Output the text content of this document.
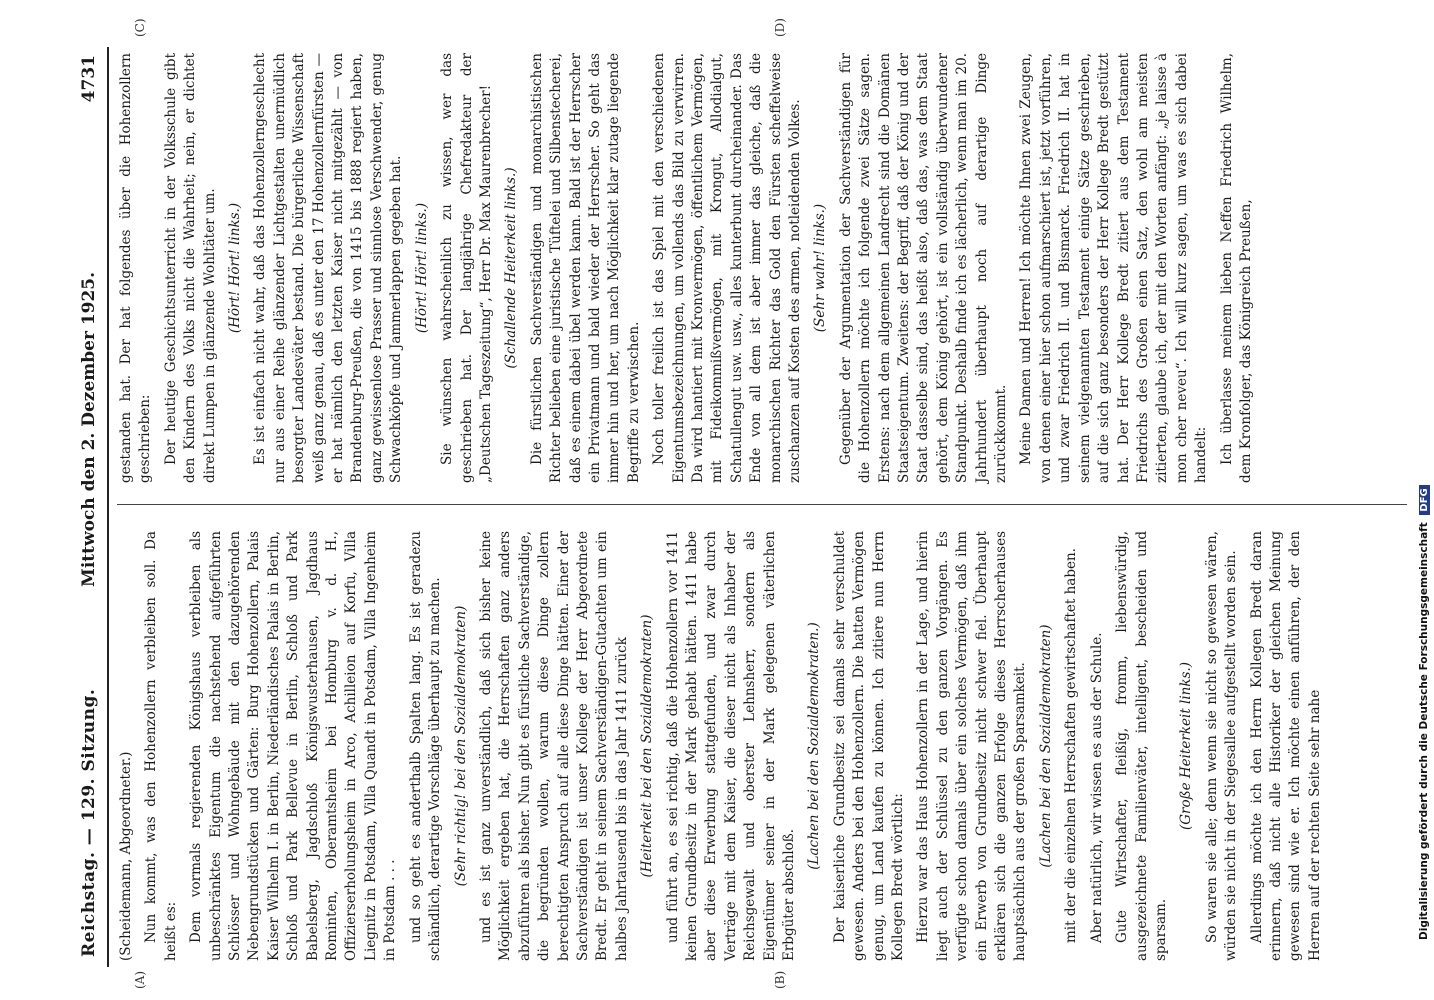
Reichstag. — 129. Sitzung.
Mittwoch den 2. Dezember 1925.
4731
(A)	(B)
(C)	(D)

(Scheidemann, Abgeordneter.) Nun kommt, was den Hohenzollern verbleiben soll. Da heißt es: Dem vormals regierenden Königshaus verbleiben als unbeschränktes Eigentum die nachstehend aufgeführten Schlösser und Wohngebäude mit den dazugehörenden Nebengrundstücken und Gärten: Burg Hohenzollern, Palais Kaiser Wilhelm I. in Berlin, Niederländisches Palais in Berlin, Schloß und Park Bellevue in Berlin, Schloß und Park Babelsberg, Jagdschloß Königswusterhausen, Jagdhaus Rominten, Oberamtsheim bei Homburg v. d. H., Offizierserholungsheim in Arco, Achilleion auf Korfu, Villa Liegnitz in Potsdam, Villa Quandt in Potsdam, Villa Ingenheim in Potsdam . . . und so geht es anderthalb Spalten lang. Es ist geradezu schändlich, derartige Vorschläge überhaupt zu machen. (Sehr richtig! bei den Sozialdemokraten) und es ist ganz unverständlich, daß sich bisher keine Möglichkeit ergeben hat, die Herrschaften ganz anders abzuführen als bisher. Nun gibt es fürstliche Sachverständige, die begründen wollen, warum diese Dinge zollern berechtigten Anspruch auf alle diese Dinge hätten. Einer der Sachverständigen ist unser Kollege der Herr Abgeordnete Bredt. Er geht in seinem Sachverständigen-Gutachten um ein halbes Jahrtausend bis in das Jahr 1411 zurück (Heiterkeit bei den Sozialdemokraten) und führt an, es sei richtig, daß die Hohenzollern vor 1411 keinen Grundbesitz in der Mark gehabt hätten. 1411 habe aber diese Erwerbung stattgefunden, und zwar durch Verträge mit dem Kaiser, die dieser nicht als Inhaber der Reichsgewalt und oberster Lehnsherr, sondern als Eigentümer seiner in der Mark gelegenen väterlichen Erbgüter abschloß.

(Lachen bei den Sozialdemokraten.) Der kaiserliche Grundbesitz sei damals sehr verschuldet gewesen. Anders bei den Hohenzollern. Die hatten Vermögen genug, um Land kaufen zu können. Ich zitiere nun Herrn Kollegen Bredt wörtlich: Hierzu war das Haus Hohenzollern in der Lage, und hierin liegt auch der Schlüssel zu den ganzen Vorgängen. Es verfügte schon damals über ein solches Vermögen, daß ihm ein Erwerb von Grundbesitz nicht schwer fiel. Überhaupt erklären sich die ganzen Erfolge dieses Herrscherhauses hauptsächlich aus der großen Sparsamkeit. (Lachen bei den Sozialdemokraten) mit der die einzelnen Herrschaften gewirtschaftet haben. Aber natürlich, wir wissen es aus der Schule. Gute Wirtschafter, fleißig, fromm, liebenswürdig, ausgezeichnete Familienväter, intelligent, bescheiden und sparsam.

(Große Heiterkeit links.) So waren sie alle; denn wenn sie nicht so gewesen wären, würden sie nicht in der Siegesallee aufgestellt worden sein. Allerdings möchte ich den Herrn Kollegen Bredt daran erinnern, daß nicht alle Historiker der gleichen Meinung gewesen sind wie er. Ich möchte einen anführen, der den Herren auf der rechten Seite sehr nahe

gestanden hat. Der hat folgendes über die Hohenzollern geschrieben: Der heutige Geschichtsunterricht in der Volksschule gibt den Kindern des Volks nicht die Wahrheit; nein, er dichtet direkt Lumpen in glänzende Wohltäter um. (Hört! Hört! links.) Es ist einfach nicht wahr, daß das Hohenzollerngeschlecht nur aus einer Reihe glänzender Lichtgestalten unermüdlich besorgter Landesväter bestand. Die bürgerliche Wissenschaft weiß ganz genau, daß es unter den 17 Hohenzollernfürsten — er hat nämlich den letzten Kaiser nicht mitgezählt — von Brandenburg-Preußen, die von 1415 bis 1888 regiert haben, ganz gewissenlose Prasser und sinnlose Verschwender, genug Schwachköpfe und Jammerlappen gegeben hat. (Hört! Hört! links.) Sie wünschen wahrscheinlich zu wissen, wer das geschrieben hat. Der langjährige Chefredakteur der „Deutschen Tageszeitung“, Herr Dr. Max Maurenbrecher! (Schallende Heiterkeit links.) Die fürstlichen Sachverständigen und monarchistischen Richter belieben eine juristische Tüftelei und Silbenstecherei, daß es einem dabei übel werden kann. Bald ist der Herrscher ein Privatmann und bald wieder der Herrscher. So geht das immer hin und her, um nach Möglichkeit klar zutage liegende Begriffe zu verwischen. Noch toller freilich ist das Spiel mit den verschiedenen Eigentumsbezeichnungen, um vollends das Bild zu verwirren. Da wird hantiert mit Kronvermögen, öffentlichem Vermögen, mit Fideikommißvermögen, mit Krongut, Allodialgut, Schatullengut usw. usw., alles kunterbunt durcheinander. Das Ende von all dem ist aber immer das gleiche, daß die monarchischen Richter das Gold den Fürsten scheffelweise zuschanzen auf Kosten des armen, notleidenden Volkes. (Sehr wahr! links.) Gegenüber der Argumentation der Sachverständigen für die Hohenzollern möchte ich folgende zwei Sätze sagen. Erstens: nach dem allgemeinen Landrecht sind die Domänen Staatseigentum. Zweitens: der Begriff, daß der König und der Staat dasselbe sind, das heißt also, daß das, was dem Staat gehört, dem König gehört, ist ein vollständig überwundener Standpunkt. Deshalb finde ich es lächerlich, wenn man im 20. Jahrhundert überhaupt noch auf derartige Dinge zurückkommt. Meine Damen und Herren! Ich möchte Ihnen zwei Zeugen, von denen einer hier schon aufmarschiert ist, jetzt vorführen, und zwar Friedrich II. und Bismarck. Friedrich II. hat in seinem vielgenannten Testament einige Sätze geschrieben, auf die sich ganz besonders der Herr Kollege Bredt gestützt hat. Der Herr Kollege Bredt zitiert aus dem Testament Friedrichs des Großen einen Satz, den wohl am meisten zitierten, glaube ich, der mit den Worten anfängt: „je laisse à mon cher neveu“. Ich will kurz sagen, um was es sich dabei handelt: Ich überlasse meinem lieben Neffen Friedrich Wilhelm, dem Kronfolger, das Königreich Preußen,

Digitalisierung gefördert durch die Deutsche Forschungsgemeinschaft DFG
